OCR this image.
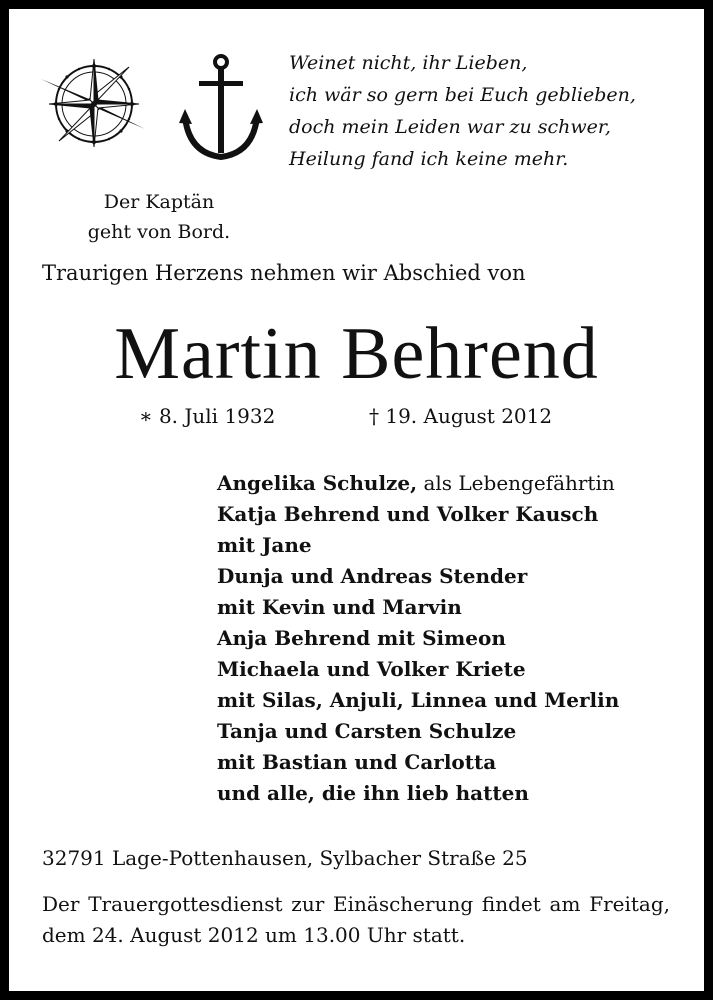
Weinet nicht, ihr Lieben,
ich wär so gern bei Euch geblieben,
doch mein Leiden war zu schwer,
Heilung fand ich keine mehr.
Der Kaptän
geht von Bord.
Traurigen Herzens nehmen wir Abschied von
Martin Behrend
∗ 8. Juli 1932	† 19. August 2012
Angelika Schulze, als Lebengefährtin
Katja Behrend und Volker Kausch
mit Jane
Dunja und Andreas Stender
mit Kevin und Marvin
Anja Behrend mit Simeon
Michaela und Volker Kriete
mit Silas, Anjuli, Linnea und Merlin
Tanja und Carsten Schulze
mit Bastian und Carlotta
und alle, die ihn lieb hatten
32791 Lage-Pottenhausen, Sylbacher Straße 25
Der Trauergottesdienst zur Einäscherung findet am Freitag, dem 24. August 2012 um 13.00 Uhr statt.
